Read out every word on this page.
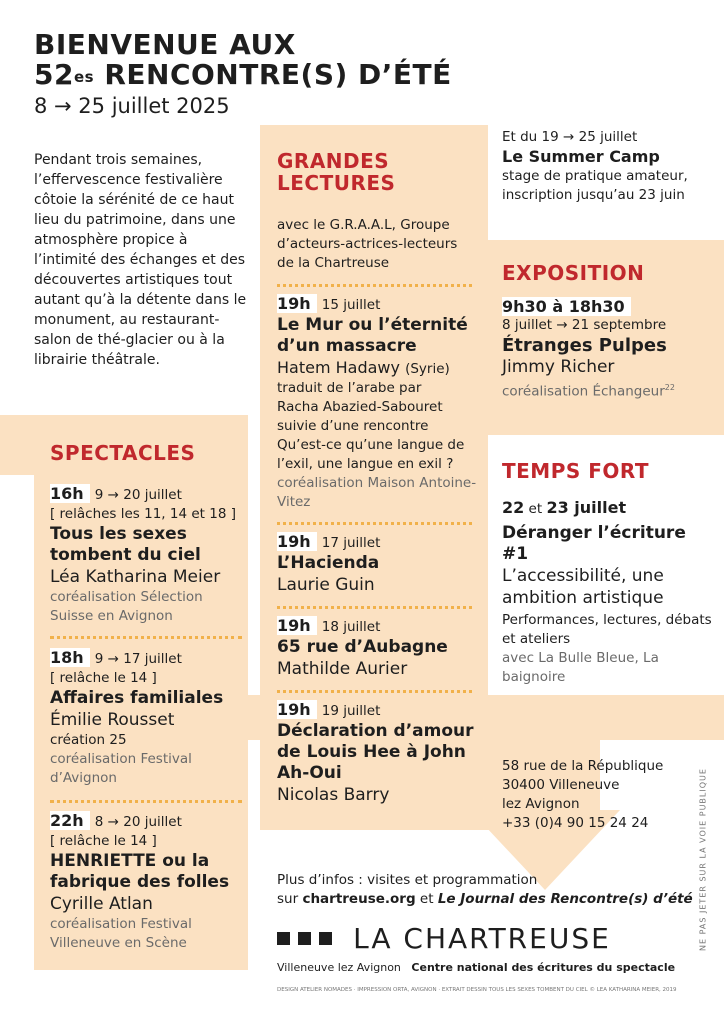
BIENVENUE AUX
$52^{es}$ RENCONTRE(S) D’ÉTÉ
8 → 25 juillet 2025
Pendant trois semaines, l’effervescence festivalière côtoie la sérénité de ce haut lieu du patrimoine, dans une atmosphère propice à l’intimité des échanges et des découvertes artistiques tout autant qu’à la détente dans le monument, au restaurant-salon de thé-glacier ou à la librairie théâtrale.
Et du 19 → 25 juillet
Le Summer Camp
stage de pratique amateur, inscription jusqu’au 23 juin
GRANDES LECTURES
avec le G.R.A.A.L, Groupe d’acteurs-actrices-lecteurs de la Chartreuse
19h 15 juillet
Le Mur ou l’éternité d’un massacre
Hatem Hadawy (Syrie)
traduit de l’arabe par
Racha Abazied-Sabouret
suivie d’une rencontre
Qu’est-ce qu’une langue de l’exil, une langue en exil ?
coréalisation Maison Antoine-Vitez
19h 17 juillet
L’Hacienda
Laurie Guin
19h 18 juillet
65 rue d’Aubagne
Mathilde Aurier
19h 19 juillet
Déclaration d’amour de Louis Hee à John Ah-Oui
Nicolas Barry
SPECTACLES
16h 9 → 20 juillet
[ relâches les 11, 14 et 18 ]
Tous les sexes tombent du ciel
Léa Katharina Meier
coréalisation Sélection Suisse en Avignon
18h 9 → 17 juillet
[ relâche le 14 ]
Affaires familiales
Émilie Rousset
création 25
coréalisation Festival d’Avignon
22h 8 → 20 juillet
[ relâche le 14 ]
HENRIETTE ou la fabrique des folles
Cyrille Atlan
coréalisation Festival Villeneuve en Scène
EXPOSITION
9h30 à 18h30
8 juillet → 21 septembre
Étranges Pulpes
Jimmy Richer
coréalisation Échangeur$^{22}$
TEMPS FORT
22 et 23 juillet
Déranger l’écriture #1
L’accessibilité, une ambition artistique
Performances, lectures, débats et ateliers
avec La Bulle Bleue, La baignoire
58 rue de la République
30400 Villeneuve
lez Avignon
+33 (0)4 90 15 24 24
Plus d’infos : visites et programmation
sur chartreuse.org et Le Journal des Rencontre(s) d’été
LA CHARTREUSE
Villeneuve lez Avignon Centre national des écritures du spectacle
DESIGN ATELIER NOMADES · IMPRESSION ORTA, AVIGNON · EXTRAIT DESSIN TOUS LES SEXES TOMBENT DU CIEL © LÉA KATHARINA MEIER, 2019
NE PAS JETER SUR LA VOIE PUBLIQUE
